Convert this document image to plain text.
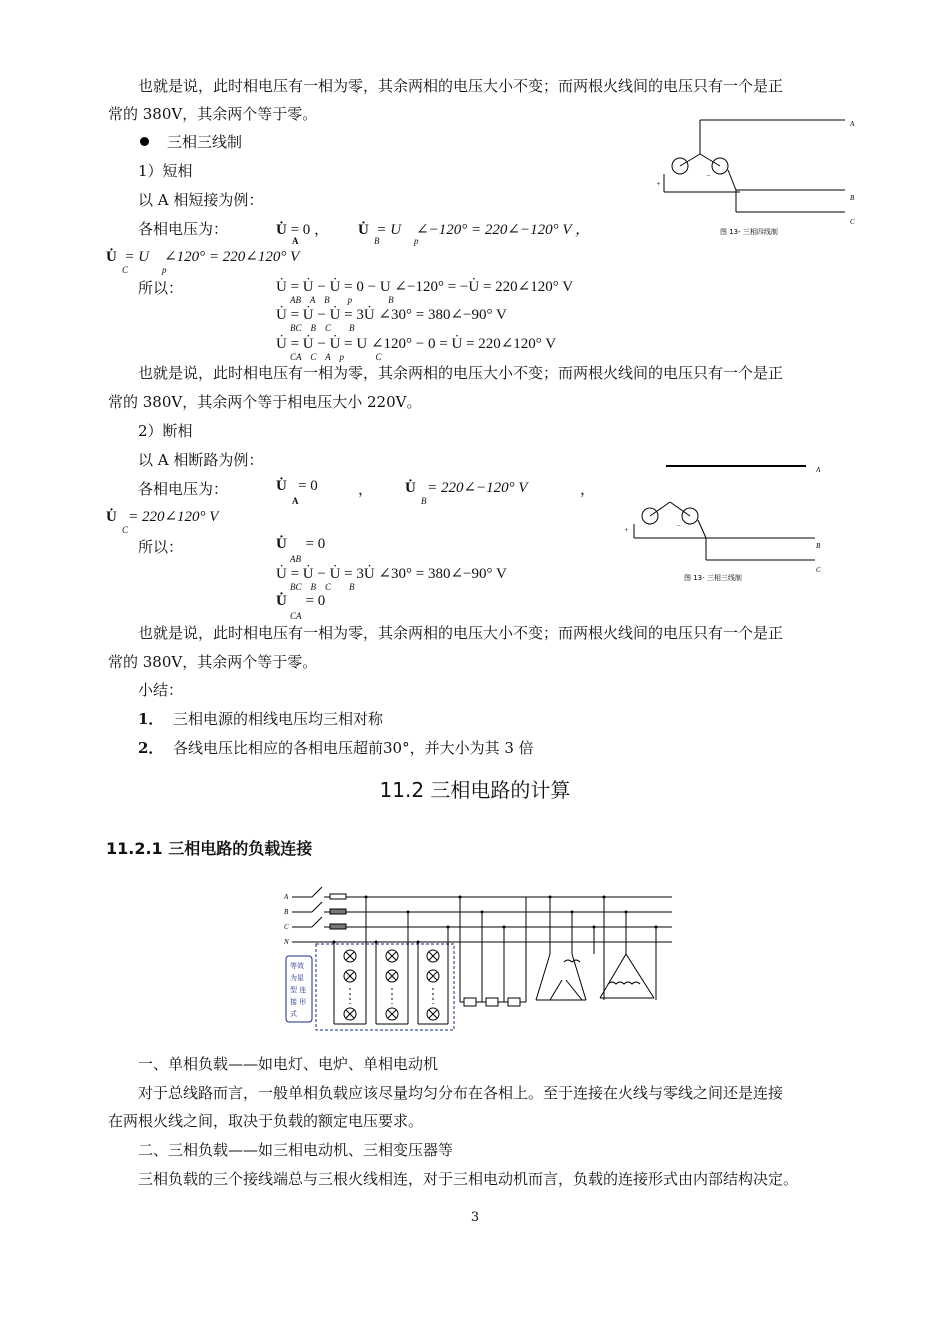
也就是说，此时相电压有一相为零，其余两相的电压大小不变；而两根火线间的电压只有一个是正
常的 380V，其余两个等于零。
三相三线制
1）短相
以 A 相短接为例：
各相电压为：	U̇ = 0 ，
A
U̇ = U ∠−120° = 220∠−120° V ，
B	p
U̇ = U ∠120° = 220∠120° V
C	p
所以：	U̇ = U̇ − U̇ = 0 − U ∠−120° = −U̇ = 220∠120° V
AB    A    B        p                B
U̇ = U̇ − U̇ = 3U̇ ∠30° = 380∠−90° V
BC    B    C        B
U̇ = U̇ − U̇ = U ∠120° − 0 = U̇ = 220∠120° V
CA    C    A    p              C
A
B
C
+
−
图 13- 三相四线制
也就是说，此时相电压有一相为零，其余两相的电压大小不变；而两根火线间的电压只有一个是正
常的 380V，其余两个等于相电压大小 220V。
2）断相
以 A 相断路为例：
各相电压为：	U̇ = 0
A
， U̇ = 220∠−120° V
B
，
U̇ = 220∠120° V
C
所以：	U̇ = 0
AB
U̇ = U̇ − U̇ = 3U̇ ∠30° = 380∠−90° V
BC    B    C        B
U̇ = 0
CA
A
B
C
+	−
图 13- 三相三线制
也就是说，此时相电压有一相为零，其余两相的电压大小不变；而两根火线间的电压只有一个是正
常的 380V，其余两个等于零。
小结：
1． 三相电源的相线电压均三相对称
2． 各线电压比相应的各相电压超前30°，并大小为其 3 倍
11.2 三相电路的计算
11.2.1 三相电路的负载连接
A
B
C
N
等效 为星 型 连 接 形 式
一、单相负载——如电灯、电炉、单相电动机
对于总线路而言，一般单相负载应该尽量均匀分布在各相上。至于连接在火线与零线之间还是连接
在两根火线之间，取决于负载的额定电压要求。
二、三相负载——如三相电动机、三相变压器等
三相负载的三个接线端总与三根火线相连，对于三相电动机而言，负载的连接形式由内部结构决定。
3
